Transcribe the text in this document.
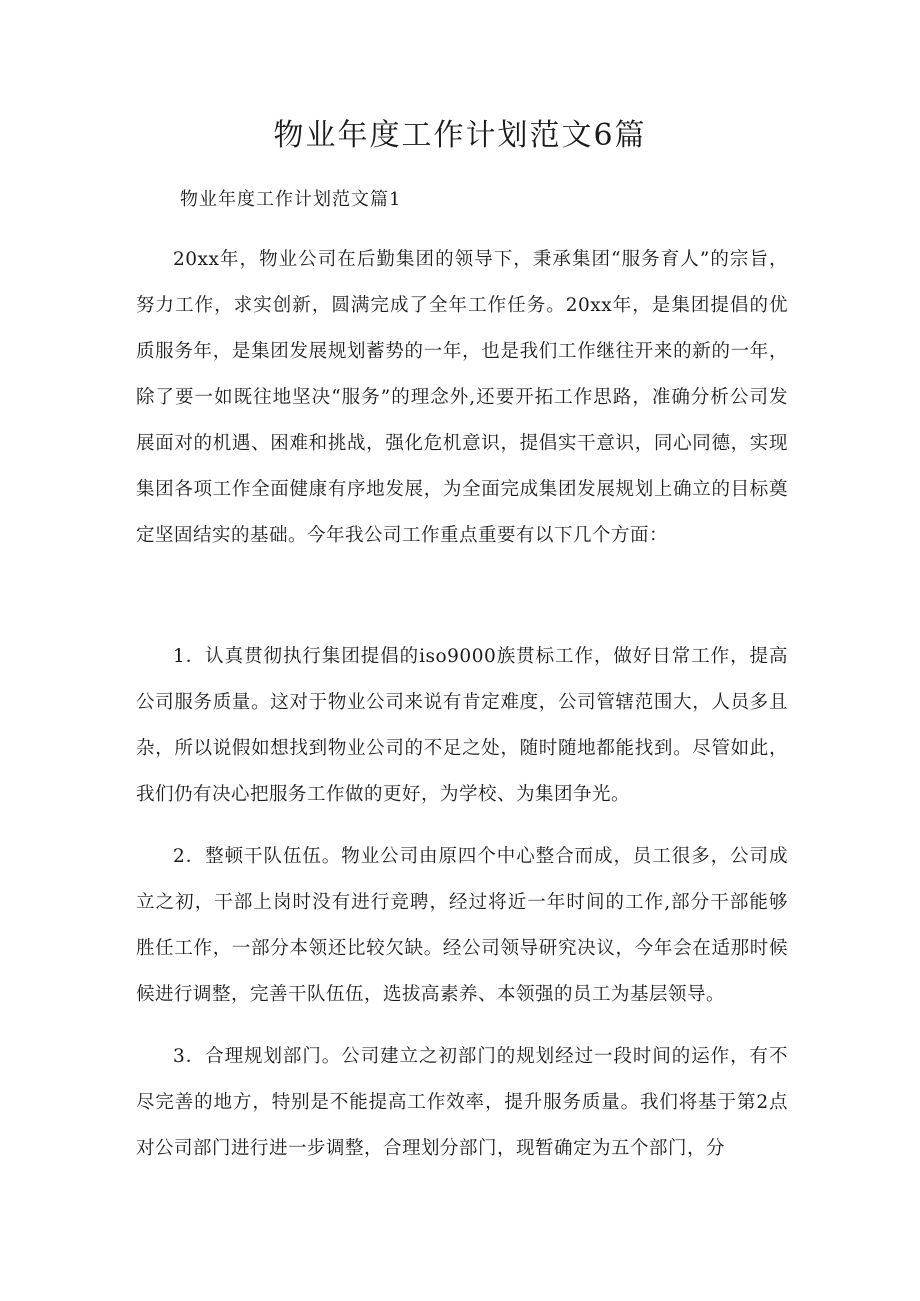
物业年度工作计划范文6篇

物业年度工作计划范文篇1

20xx年，物业公司在后勤集团的领导下，秉承集团“服务育人”的宗旨，努力工作，求实创新，圆满完成了全年工作任务。20xx年，是集团提倡的优质服务年，是集团发展规划蓄势的一年，也是我们工作继往开来的新的一年，除了要一如既往地坚决“服务”的理念外,还要开拓工作思路，准确分析公司发展面对的机遇、困难和挑战，强化危机意识，提倡实干意识，同心同德，实现集团各项工作全面健康有序地发展，为全面完成集团发展规划上确立的目标奠定坚固结实的基础。今年我公司工作重点重要有以下几个方面：

1．认真贯彻执行集团提倡的iso9000族贯标工作，做好日常工作，提高公司服务质量。这对于物业公司来说有肯定难度，公司管辖范围大，人员多且杂，所以说假如想找到物业公司的不足之处，随时随地都能找到。尽管如此，我们仍有决心把服务工作做的更好，为学校、为集团争光。

2．整顿干队伍伍。物业公司由原四个中心整合而成，员工很多，公司成立之初，干部上岗时没有进行竞聘，经过将近一年时间的工作,部分干部能够胜任工作，一部分本领还比较欠缺。经公司领导研究决议，今年会在适那时候候进行调整，完善干队伍伍，选拔高素养、本领强的员工为基层领导。

3．合理规划部门。公司建立之初部门的规划经过一段时间的运作，有不尽完善的地方，特别是不能提高工作效率，提升服务质量。我们将基于第2点对公司部门进行进一步调整，合理划分部门，现暂确定为五个部门，分
